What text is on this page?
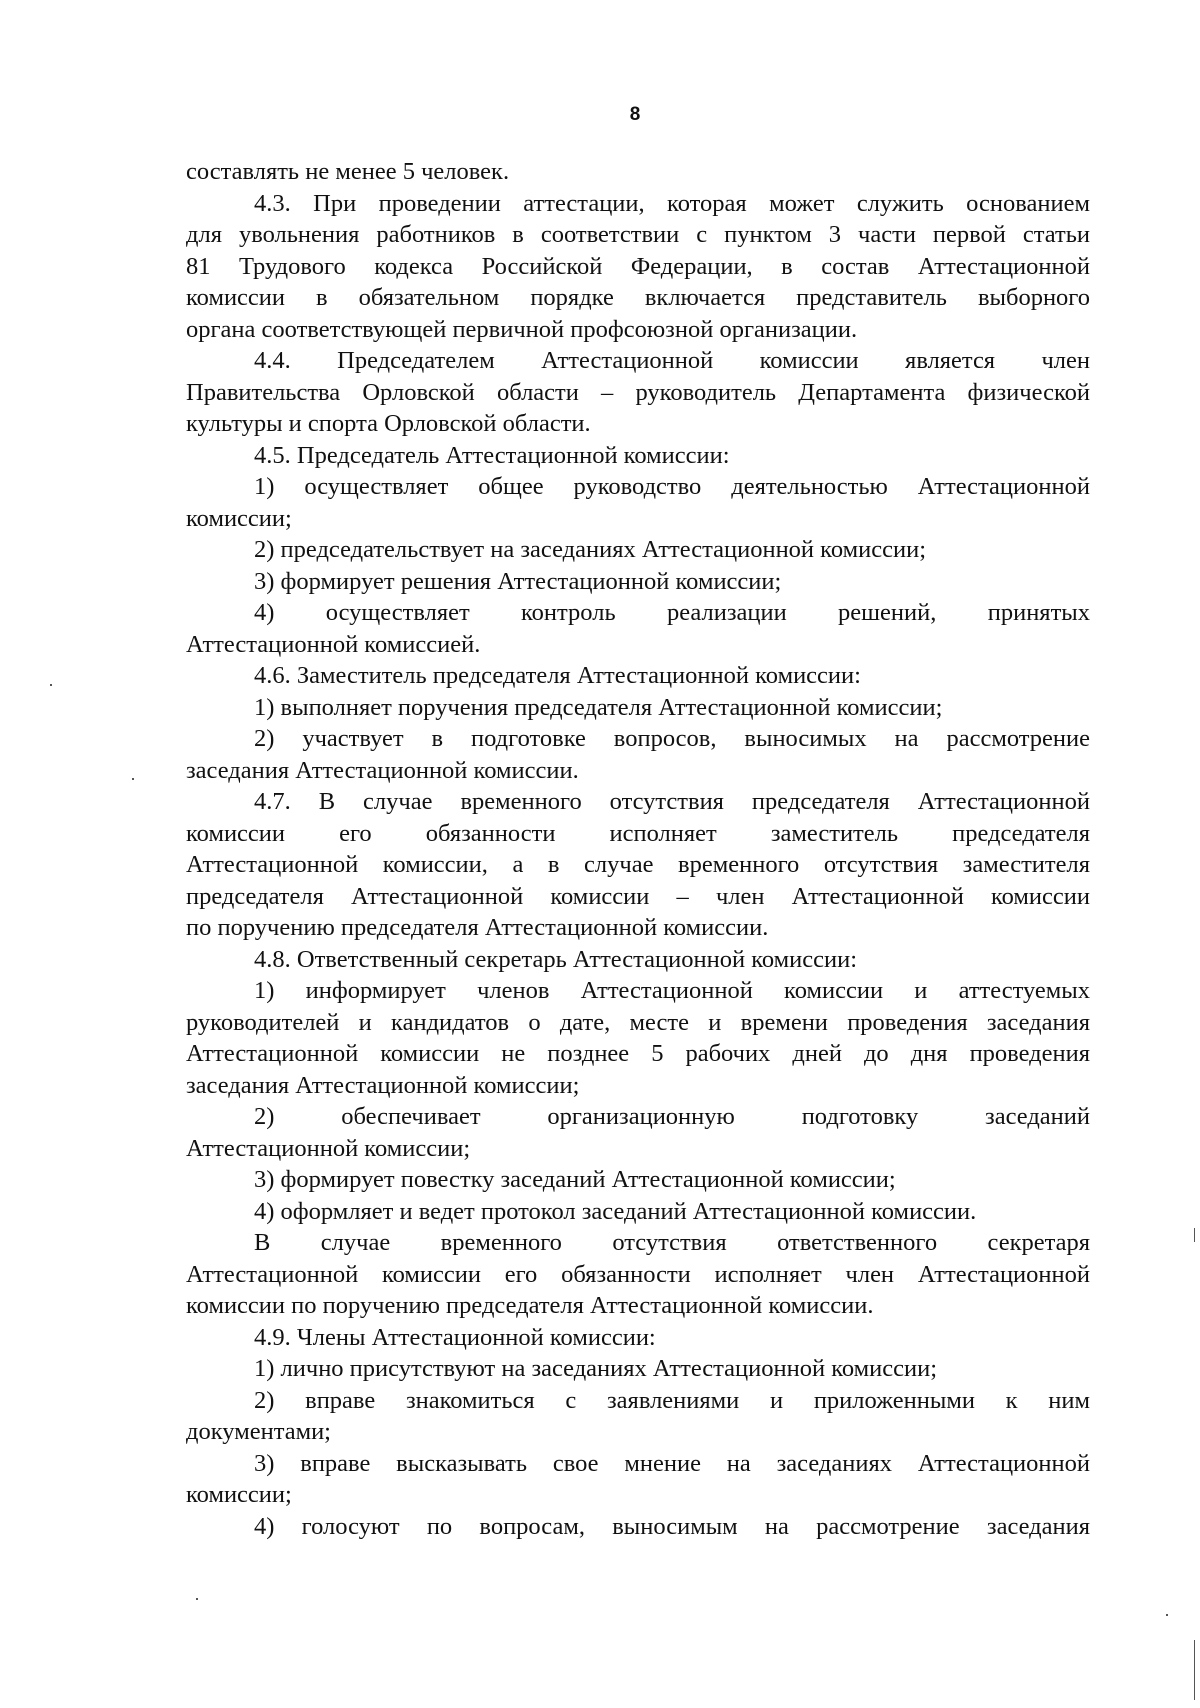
8
составлять не менее 5 человек.
4.3. При проведении аттестации, которая может служить основанием
для увольнения работников в соответствии с пунктом 3 части первой статьи
81 Трудового кодекса Российской Федерации, в состав Аттестационной
комиссии в обязательном порядке включается представитель выборного
органа соответствующей первичной профсоюзной организации.
4.4. Председателем Аттестационной комиссии является член
Правительства Орловской области – руководитель Департамента физической
культуры и спорта Орловской области.
4.5. Председатель Аттестационной комиссии:
1) осуществляет общее руководство деятельностью Аттестационной
комиссии;
2) председательствует на заседаниях Аттестационной комиссии;
3) формирует решения Аттестационной комиссии;
4) осуществляет контроль реализации решений, принятых
Аттестационной комиссией.
4.6. Заместитель председателя Аттестационной комиссии:
1) выполняет поручения председателя Аттестационной комиссии;
2) участвует в подготовке вопросов, выносимых на рассмотрение
заседания Аттестационной комиссии.
4.7. В случае временного отсутствия председателя Аттестационной
комиссии его обязанности исполняет заместитель председателя
Аттестационной комиссии, а в случае временного отсутствия заместителя
председателя Аттестационной комиссии – член Аттестационной комиссии
по поручению председателя Аттестационной комиссии.
4.8. Ответственный секретарь Аттестационной комиссии:
1) информирует членов Аттестационной комиссии и аттестуемых
руководителей и кандидатов о дате, месте и времени проведения заседания
Аттестационной комиссии не позднее 5 рабочих дней до дня проведения
заседания Аттестационной комиссии;
2) обеспечивает организационную подготовку заседаний
Аттестационной комиссии;
3) формирует повестку заседаний Аттестационной комиссии;
4) оформляет и ведет протокол заседаний Аттестационной комиссии.
В случае временного отсутствия ответственного секретаря
Аттестационной комиссии его обязанности исполняет член Аттестационной
комиссии по поручению председателя Аттестационной комиссии.
4.9. Члены Аттестационной комиссии:
1) лично присутствуют на заседаниях Аттестационной комиссии;
2) вправе знакомиться с заявлениями и приложенными к ним
документами;
3) вправе высказывать свое мнение на заседаниях Аттестационной
комиссии;
4) голосуют по вопросам, выносимым на рассмотрение заседания
